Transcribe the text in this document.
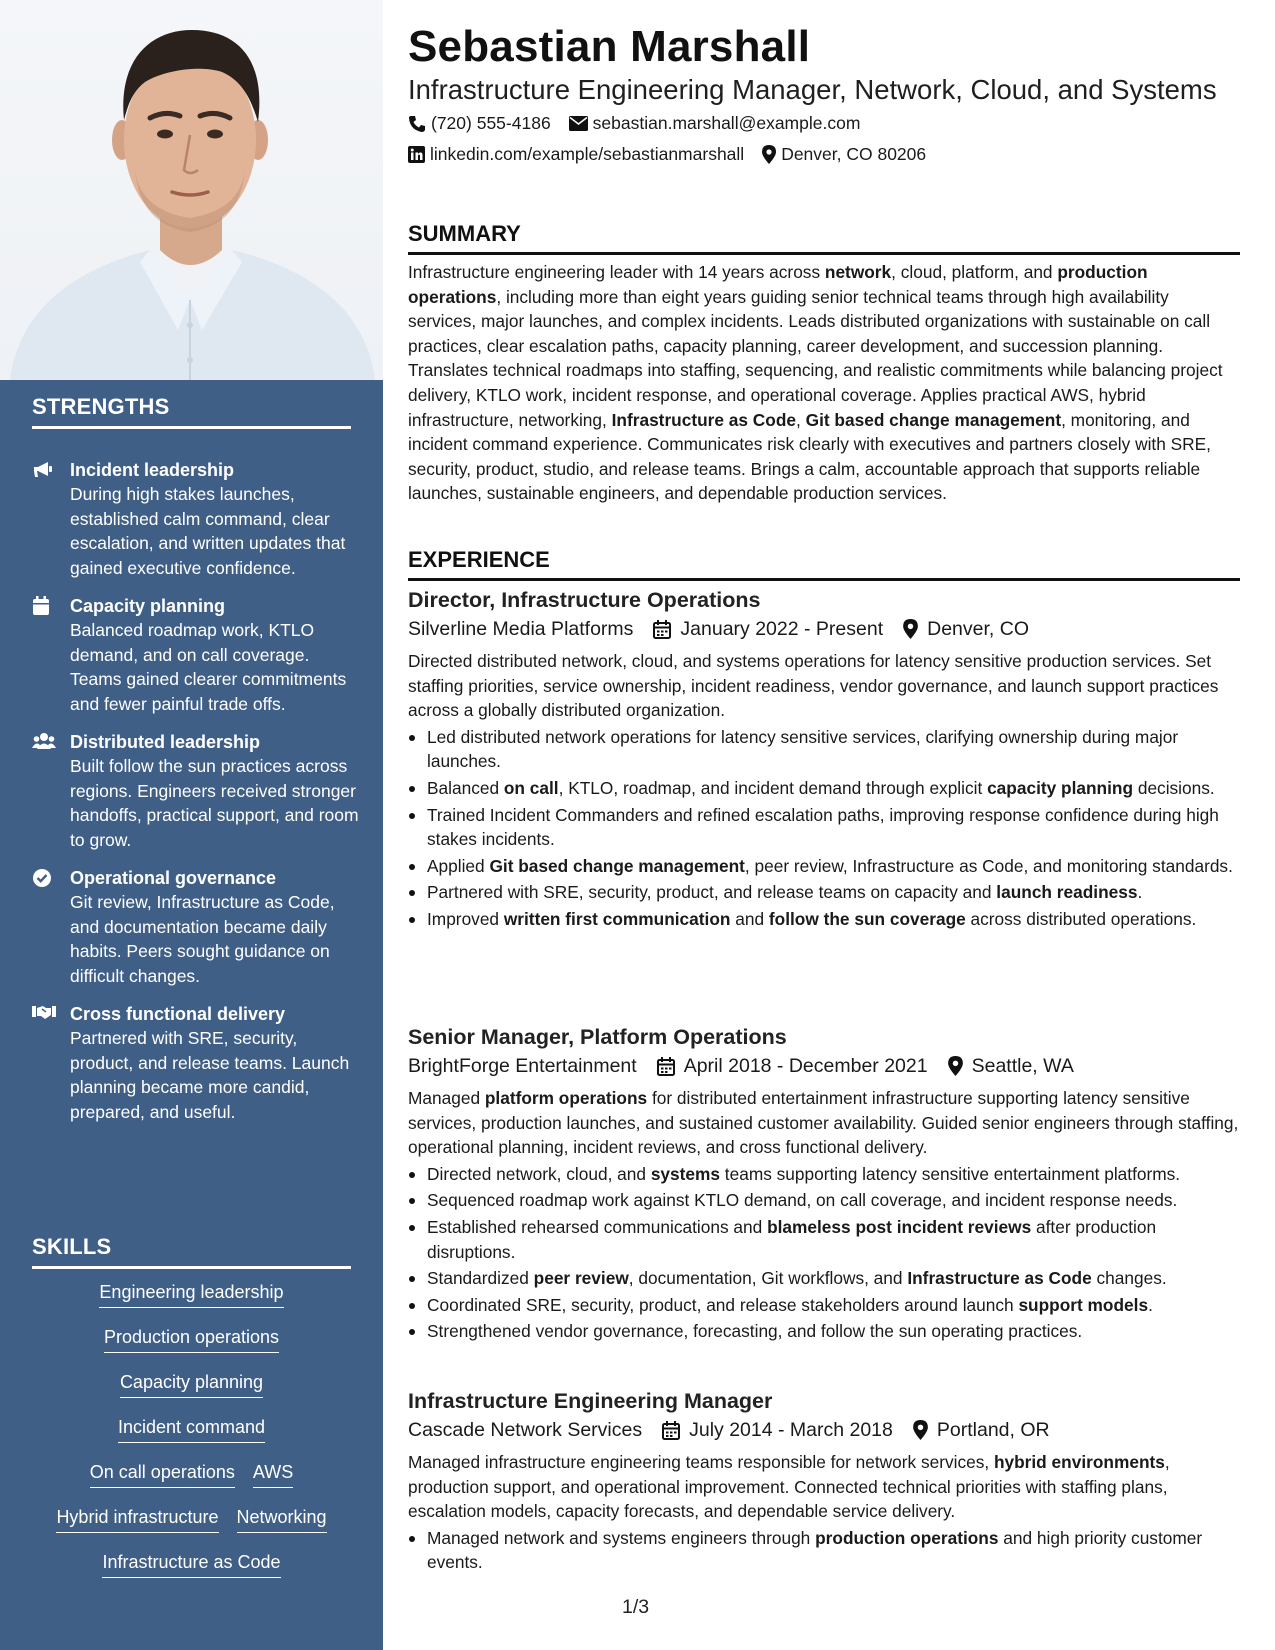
STRENGTHS
Incident leadership
During high stakes launches, established calm command, clear escalation, and written updates that gained executive confidence.
Capacity planning
Balanced roadmap work, KTLO demand, and on call coverage. Teams gained clearer commitments and fewer painful trade offs.
Distributed leadership
Built follow the sun practices across regions. Engineers received stronger handoffs, practical support, and room to grow.
Operational governance
Git review, Infrastructure as Code, and documentation became daily habits. Peers sought guidance on difficult changes.
Cross functional delivery
Partnered with SRE, security, product, and release teams. Launch planning became more candid, prepared, and useful.
SKILLS
Engineering leadership
Production operations
Capacity planning
Incident command
On call operations AWS
Hybrid infrastructure Networking
Infrastructure as Code
Sebastian Marshall
Infrastructure Engineering Manager, Network, Cloud, and Systems
(720) 555-4186 sebastian.marshall@example.com
linkedin.com/example/sebastianmarshall Denver, CO 80206
SUMMARY
Infrastructure engineering leader with 14 years across network, cloud, platform, and production operations, including more than eight years guiding senior technical teams through high availability services, major launches, and complex incidents. Leads distributed organizations with sustainable on call practices, clear escalation paths, capacity planning, career development, and succession planning. Translates technical roadmaps into staffing, sequencing, and realistic commitments while balancing project delivery, KTLO work, incident response, and operational coverage. Applies practical AWS, hybrid infrastructure, networking, Infrastructure as Code, Git based change management, monitoring, and incident command experience. Communicates risk clearly with executives and partners closely with SRE, security, product, studio, and release teams. Brings a calm, accountable approach that supports reliable launches, sustainable engineers, and dependable production services.
EXPERIENCE
Director, Infrastructure Operations
Silverline Media Platforms January 2022 - Present Denver, CO
Directed distributed network, cloud, and systems operations for latency sensitive production services. Set staffing priorities, service ownership, incident readiness, vendor governance, and launch support practices across a globally distributed organization.
Led distributed network operations for latency sensitive services, clarifying ownership during major launches.
Balanced on call, KTLO, roadmap, and incident demand through explicit capacity planning decisions.
Trained Incident Commanders and refined escalation paths, improving response confidence during high stakes incidents.
Applied Git based change management, peer review, Infrastructure as Code, and monitoring standards.
Partnered with SRE, security, product, and release teams on capacity and launch readiness.
Improved written first communication and follow the sun coverage across distributed operations.
Senior Manager, Platform Operations
BrightForge Entertainment April 2018 - December 2021 Seattle, WA
Managed platform operations for distributed entertainment infrastructure supporting latency sensitive services, production launches, and sustained customer availability. Guided senior engineers through staffing, operational planning, incident reviews, and cross functional delivery.
Directed network, cloud, and systems teams supporting latency sensitive entertainment platforms.
Sequenced roadmap work against KTLO demand, on call coverage, and incident response needs.
Established rehearsed communications and blameless post incident reviews after production disruptions.
Standardized peer review, documentation, Git workflows, and Infrastructure as Code changes.
Coordinated SRE, security, product, and release stakeholders around launch support models.
Strengthened vendor governance, forecasting, and follow the sun operating practices.
Infrastructure Engineering Manager
Cascade Network Services July 2014 - March 2018 Portland, OR
Managed infrastructure engineering teams responsible for network services, hybrid environments, production support, and operational improvement. Connected technical priorities with staffing plans, escalation models, capacity forecasts, and dependable service delivery.
Managed network and systems engineers through production operations and high priority customer events.
1/3
